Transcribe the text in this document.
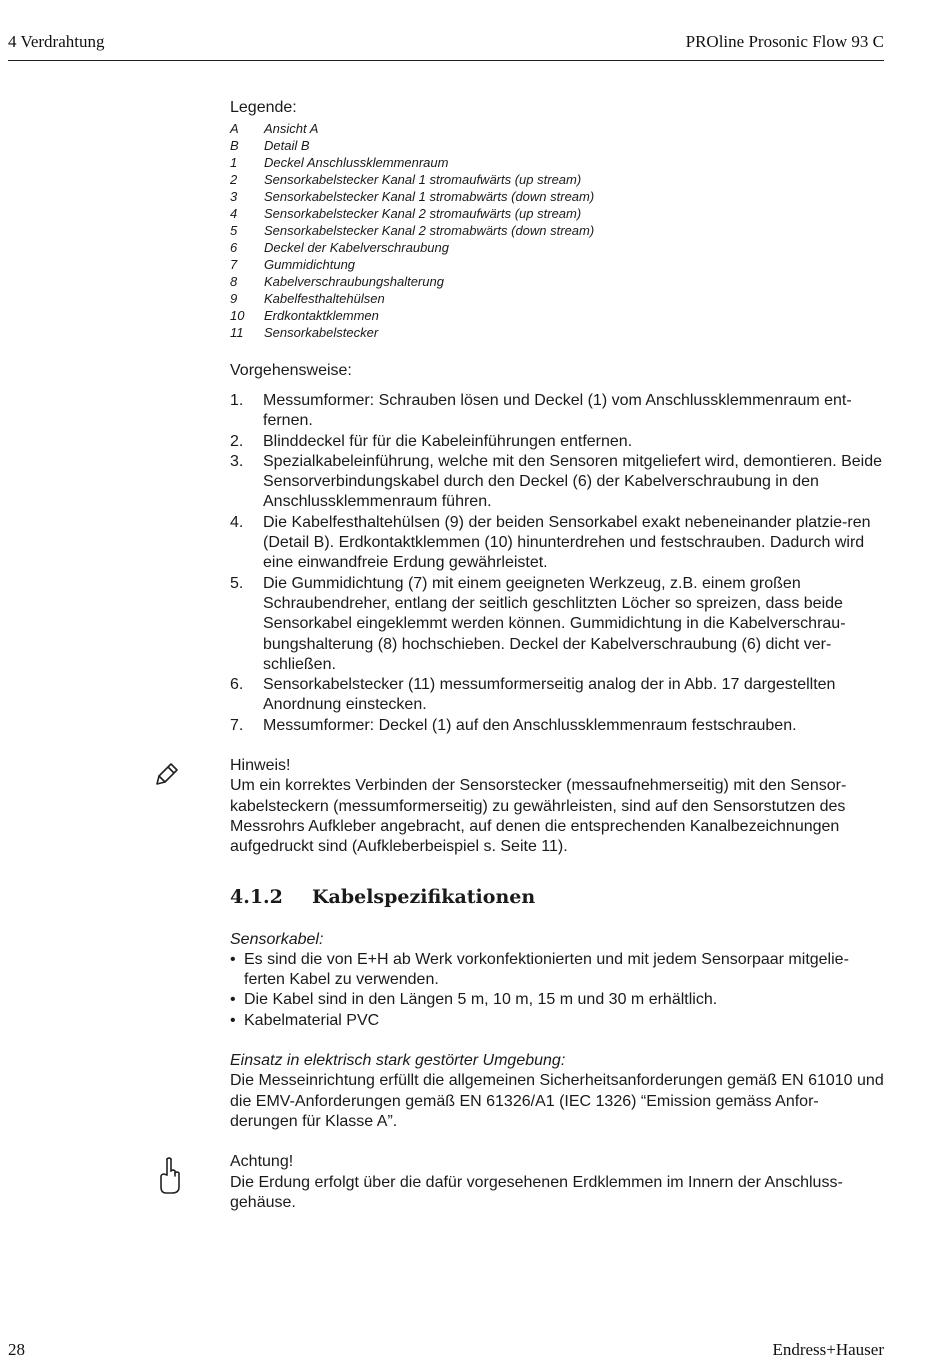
4 Verdrahtung	PROline Prosonic Flow 93 C

Legende:

A	Ansicht A
B	Detail B
1	Deckel Anschlussklemmenraum
2	Sensorkabelstecker Kanal 1 stromaufwärts (up stream)
3	Sensorkabelstecker Kanal 1 stromabwärts (down stream)
4	Sensorkabelstecker Kanal 2 stromaufwärts (up stream)
5	Sensorkabelstecker Kanal 2 stromabwärts (down stream)
6	Deckel der Kabelverschraubung
7	Gummidichtung
8	Kabelverschraubungshalterung
9	Kabelfesthaltehülsen
10	Erdkontaktklemmen
11	Sensorkabelstecker

Vorgehensweise:

1.	Messumformer: Schrauben lösen und Deckel (1) vom Anschlussklemmenraum ent-fernen.
2.	Blinddeckel für für die Kabeleinführungen entfernen.
3.	Spezialkabeleinführung, welche mit den Sensoren mitgeliefert wird, demontieren. Beide Sensorverbindungskabel durch den Deckel (6) der Kabelverschraubung in den Anschlussklemmenraum führen.
4.	Die Kabelfesthaltehülsen (9) der beiden Sensorkabel exakt nebeneinander platzie-ren (Detail B). Erdkontaktklemmen (10) hinunterdrehen und festschrauben. Dadurch wird eine einwandfreie Erdung gewährleistet.
5.	Die Gummidichtung (7) mit einem geeigneten Werkzeug, z.B. einem großen Schraubendreher, entlang der seitlich geschlitzten Löcher so spreizen, dass beide Sensorkabel eingeklemmt werden können. Gummidichtung in die Kabelverschrau-bungshalterung (8) hochschieben. Deckel der Kabelverschraubung (6) dicht ver-schließen.
6.	Sensorkabelstecker (11) messumformerseitig analog der in Abb. 17 dargestellten Anordnung einstecken.
7.	Messumformer: Deckel (1) auf den Anschlussklemmenraum festschrauben.

Hinweis!

Um ein korrektes Verbinden der Sensorstecker (messaufnehmerseitig) mit den Sensor-kabelsteckern (messumformerseitig) zu gewährleisten, sind auf den Sensorstutzen des Messrohrs Aufkleber angebracht, auf denen die entsprechenden Kanalbezeichnungen aufgedruckt sind (Aufkleberbeispiel s. Seite 11).

4.1.2	Kabelspezifikationen

Sensorkabel:

• Es sind die von E+H ab Werk vorkonfektionierten und mit jedem Sensorpaar mitgelie-ferten Kabel zu verwenden.
• Die Kabel sind in den Längen 5 m, 10 m, 15 m und 30 m erhältlich.
• Kabelmaterial PVC

Einsatz in elektrisch stark gestörter Umgebung:

Die Messeinrichtung erfüllt die allgemeinen Sicherheitsanforderungen gemäß EN 61010 und die EMV-Anforderungen gemäß EN 61326/A1 (IEC 1326) “Emission gemäss Anfor-derungen für Klasse A”.

Achtung!

Die Erdung erfolgt über die dafür vorgesehenen Erdklemmen im Innern der Anschluss-gehäuse.

28	Endress+Hauser
